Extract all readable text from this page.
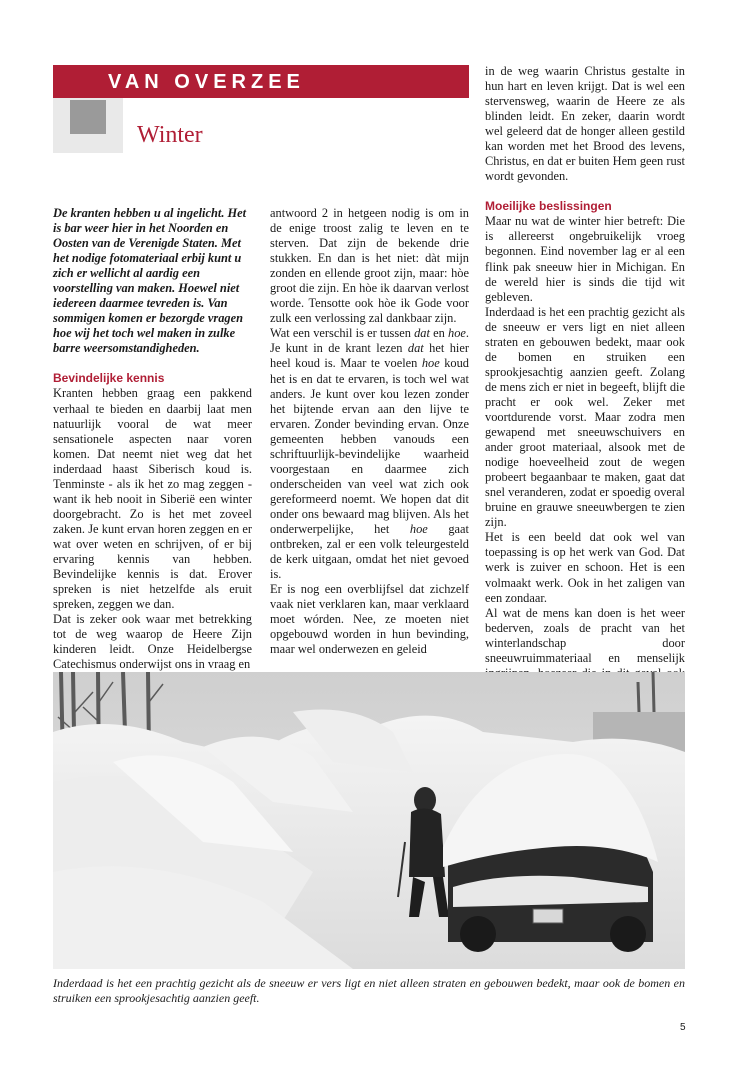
VAN OVERZEE
Winter

De kranten hebben u al ingelicht. Het is bar weer hier in het Noorden en Oosten van de Verenigde Staten. Met het nodige fotomateriaal erbij kunt u zich er wellicht al aardig een voorstelling van maken. Hoewel niet iedereen daarmee tevreden is. Van sommigen komen er bezorgde vragen hoe wij het toch wel maken in zulke barre weersomstandigheden.

Bevindelijke kennis

Kranten hebben graag een pakkend verhaal te bieden en daarbij laat men natuurlijk vooral de wat meer sensationele aspecten naar voren komen. Dat neemt niet weg dat het inderdaad haast Siberisch koud is. Tenminste - als ik het zo mag zeggen - want ik heb nooit in Siberië een winter doorgebracht. Zo is het met zoveel zaken. Je kunt ervan horen zeggen en er wat over weten en schrijven, of er bij ervaring kennis van hebben. Bevindelijke kennis is dat. Erover spreken is niet hetzelfde als eruit spreken, zeggen we dan.

Dat is zeker ook waar met betrekking tot de weg waarop de Heere Zijn kinderen leidt. Onze Heidelbergse Catechismus onderwijst ons in vraag en

antwoord 2 in hetgeen nodig is om in de enige troost zalig te leven en te sterven. Dat zijn de bekende drie stukken. En dan is het niet: dàt mijn zonden en ellende groot zijn, maar: hòe groot die zijn. En hòe ik daarvan verlost worde. Tensotte ook hòe ik Gode voor zulk een verlossing zal dankbaar zijn.

Wat een verschil is er tussen dat en hoe. Je kunt in de krant lezen dat het hier heel koud is. Maar te voelen hoe koud het is en dat te ervaren, is toch wel wat anders. Je kunt over kou lezen zonder het bijtende ervan aan den lijve te ervaren. Zonder bevinding ervan. Onze gemeenten hebben vanouds een schriftuurlijk-bevindelijke waarheid voorgestaan en daarmee zich onderscheiden van veel wat zich ook gereformeerd noemt. We hopen dat dit onder ons bewaard mag blijven. Als het onderwerpelijke, het hoe gaat ontbreken, zal er een volk teleurgesteld de kerk uitgaan, omdat het niet gevoed is.

Er is nog een overblijfsel dat zichzelf vaak niet verklaren kan, maar verklaard moet wórden. Nee, ze moeten niet opgebouwd worden in hun bevinding, maar wel onderwezen en geleid

in de weg waarin Christus gestalte in hun hart en leven krijgt. Dat is wel een stervensweg, waarin de Heere ze als blinden leidt. En zeker, daarin wordt wel geleerd dat de honger alleen gestild kan worden met het Brood des levens, Christus, en dat er buiten Hem geen rust wordt gevonden.

Moeilijke beslissingen

Maar nu wat de winter hier betreft: Die is allereerst ongebruikelijk vroeg begonnen. Eind november lag er al een flink pak sneeuw hier in Michigan. En de wereld hier is sinds die tijd wit gebleven.

Inderdaad is het een prachtig gezicht als de sneeuw er vers ligt en niet alleen straten en gebouwen bedekt, maar ook de bomen en struiken een sprookjesachtig aanzien geeft. Zolang de mens zich er niet in begeeft, blijft die pracht er ook wel. Zeker met voortdurende vorst. Maar zodra men gewapend met sneeuwschuivers en ander groot materiaal, alsook met de nodige hoeveelheid zout de wegen probeert begaanbaar te maken, gaat dat snel veranderen, zodat er spoedig overal bruine en grauwe sneeuwbergen te zien zijn.

Het is een beeld dat ook wel van toepassing is op het werk van God. Dat werk is zuiver en schoon. Het is een volmaakt werk. Ook in het zaligen van een zondaar.

Al wat de mens kan doen is het weer bederven, zoals de pracht van het winterlandschap door sneeuwruimmateriaal en menselijk

Inderdaad is het een prachtig gezicht als de sneeuw er vers ligt en niet alleen straten en gebouwen bedekt, maar ook de bomen en struiken een sprookjesachtig aanzien geeft.
5
